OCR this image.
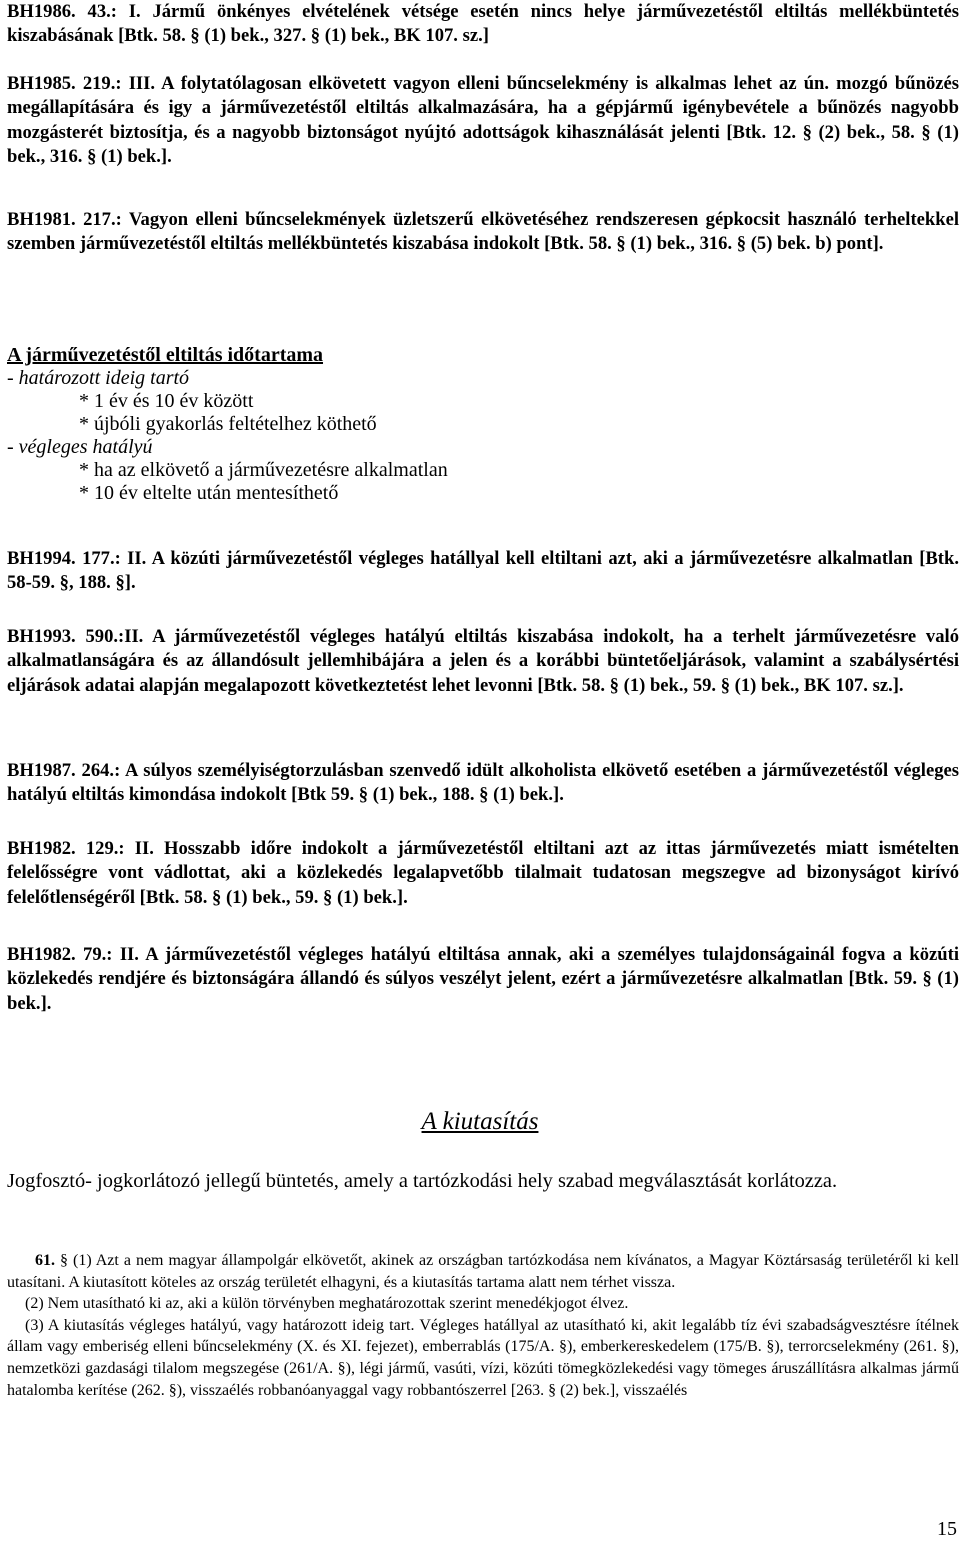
BH1986. 43.: I. Jármű önkényes elvételének vétsége esetén nincs helye járművezetéstől eltiltás mellékbüntetés kiszabásának [Btk. 58. § (1) bek., 327. § (1) bek., BK 107. sz.]

BH1985. 219.: III. A folytatólagosan elkövetett vagyon elleni bűncselekmény is alkalmas lehet az ún. mozgó bűnözés megállapítására és igy a járművezetéstől eltiltás alkalmazására, ha a gépjármű igénybevétele a bűnözés nagyobb mozgásterét biztosítja, és a nagyobb biztonságot nyújtó adottságok kihasználását jelenti [Btk. 12. § (2) bek., 58. § (1) bek., 316. § (1) bek.].

BH1981. 217.: Vagyon elleni bűncselekmények üzletszerű elkövetéséhez rendszeresen gépkocsit használó terheltekkel szemben járművezetéstől eltiltás mellékbüntetés kiszabása indokolt [Btk. 58. § (1) bek., 316. § (5) bek. b) pont].

A járművezetéstől eltiltás időtartama
- határozott ideig tartó
* 1 év és 10 év között
* újbóli gyakorlás feltételhez köthető
- végleges hatályú
* ha az elkövető a járművezetésre alkalmatlan
* 10 év eltelte után mentesíthető

BH1994. 177.: II. A közúti járművezetéstől végleges hatállyal kell eltiltani azt, aki a járművezetésre alkalmatlan [Btk. 58-59. §, 188. §].

BH1993. 590.:II. A járművezetéstől végleges hatályú eltiltás kiszabása indokolt, ha a terhelt járművezetésre való alkalmatlanságára és az állandósult jellemhibájára a jelen és a korábbi büntetőeljárások, valamint a szabálysértési eljárások adatai alapján megalapozott következtetést lehet levonni [Btk. 58. § (1) bek., 59. § (1) bek., BK 107. sz.].

BH1987. 264.: A súlyos személyiségtorzulásban szenvedő idült alkoholista elkövető esetében a járművezetéstől végleges hatályú eltiltás kimondása indokolt [Btk 59. § (1) bek., 188. § (1) bek.].

BH1982. 129.: II. Hosszabb időre indokolt a járművezetéstől eltiltani azt az ittas járművezetés miatt ismételten felelősségre vont vádlottat, aki a közlekedés legalapvetőbb tilalmait tudatosan megszegve ad bizonyságot kirívó felelőtlenségéről [Btk. 58. § (1) bek., 59. § (1) bek.].

BH1982. 79.: II. A járművezetéstől végleges hatályú eltiltása annak, aki a személyes tulajdonságainál fogva a közúti közlekedés rendjére és biztonságára állandó és súlyos veszélyt jelent, ezért a járművezetésre alkalmatlan [Btk. 59. § (1) bek.].

A kiutasítás

Jogfosztó- jogkorlátozó jellegű büntetés, amely a tartózkodási hely szabad megválasztását korlátozza.

61. § (1) Azt a nem magyar állampolgár elkövetőt, akinek az országban tartózkodása nem kívánatos, a Magyar Köztársaság területéről ki kell utasítani. A kiutasított köteles az ország területét elhagyni, és a kiutasítás tartama alatt nem térhet vissza.
(2) Nem utasítható ki az, aki a külön törvényben meghatározottak szerint menedékjogot élvez.
(3) A kiutasítás végleges hatályú, vagy határozott ideig tart. Végleges hatállyal az utasítható ki, akit legalább tíz évi szabadságvesztésre ítélnek állam vagy emberiség elleni bűncselekmény (X. és XI. fejezet), emberrablás (175/A. §), emberkereskedelem (175/B. §), terrorcselekmény (261. §), nemzetközi gazdasági tilalom megszegése (261/A. §), légi jármű, vasúti, vízi, közúti tömegközlekedési vagy tömeges áruszállításra alkalmas jármű hatalomba kerítése (262. §), visszaélés robbanóanyaggal vagy robbantószerrel [263. § (2) bek.], visszaélés
15
